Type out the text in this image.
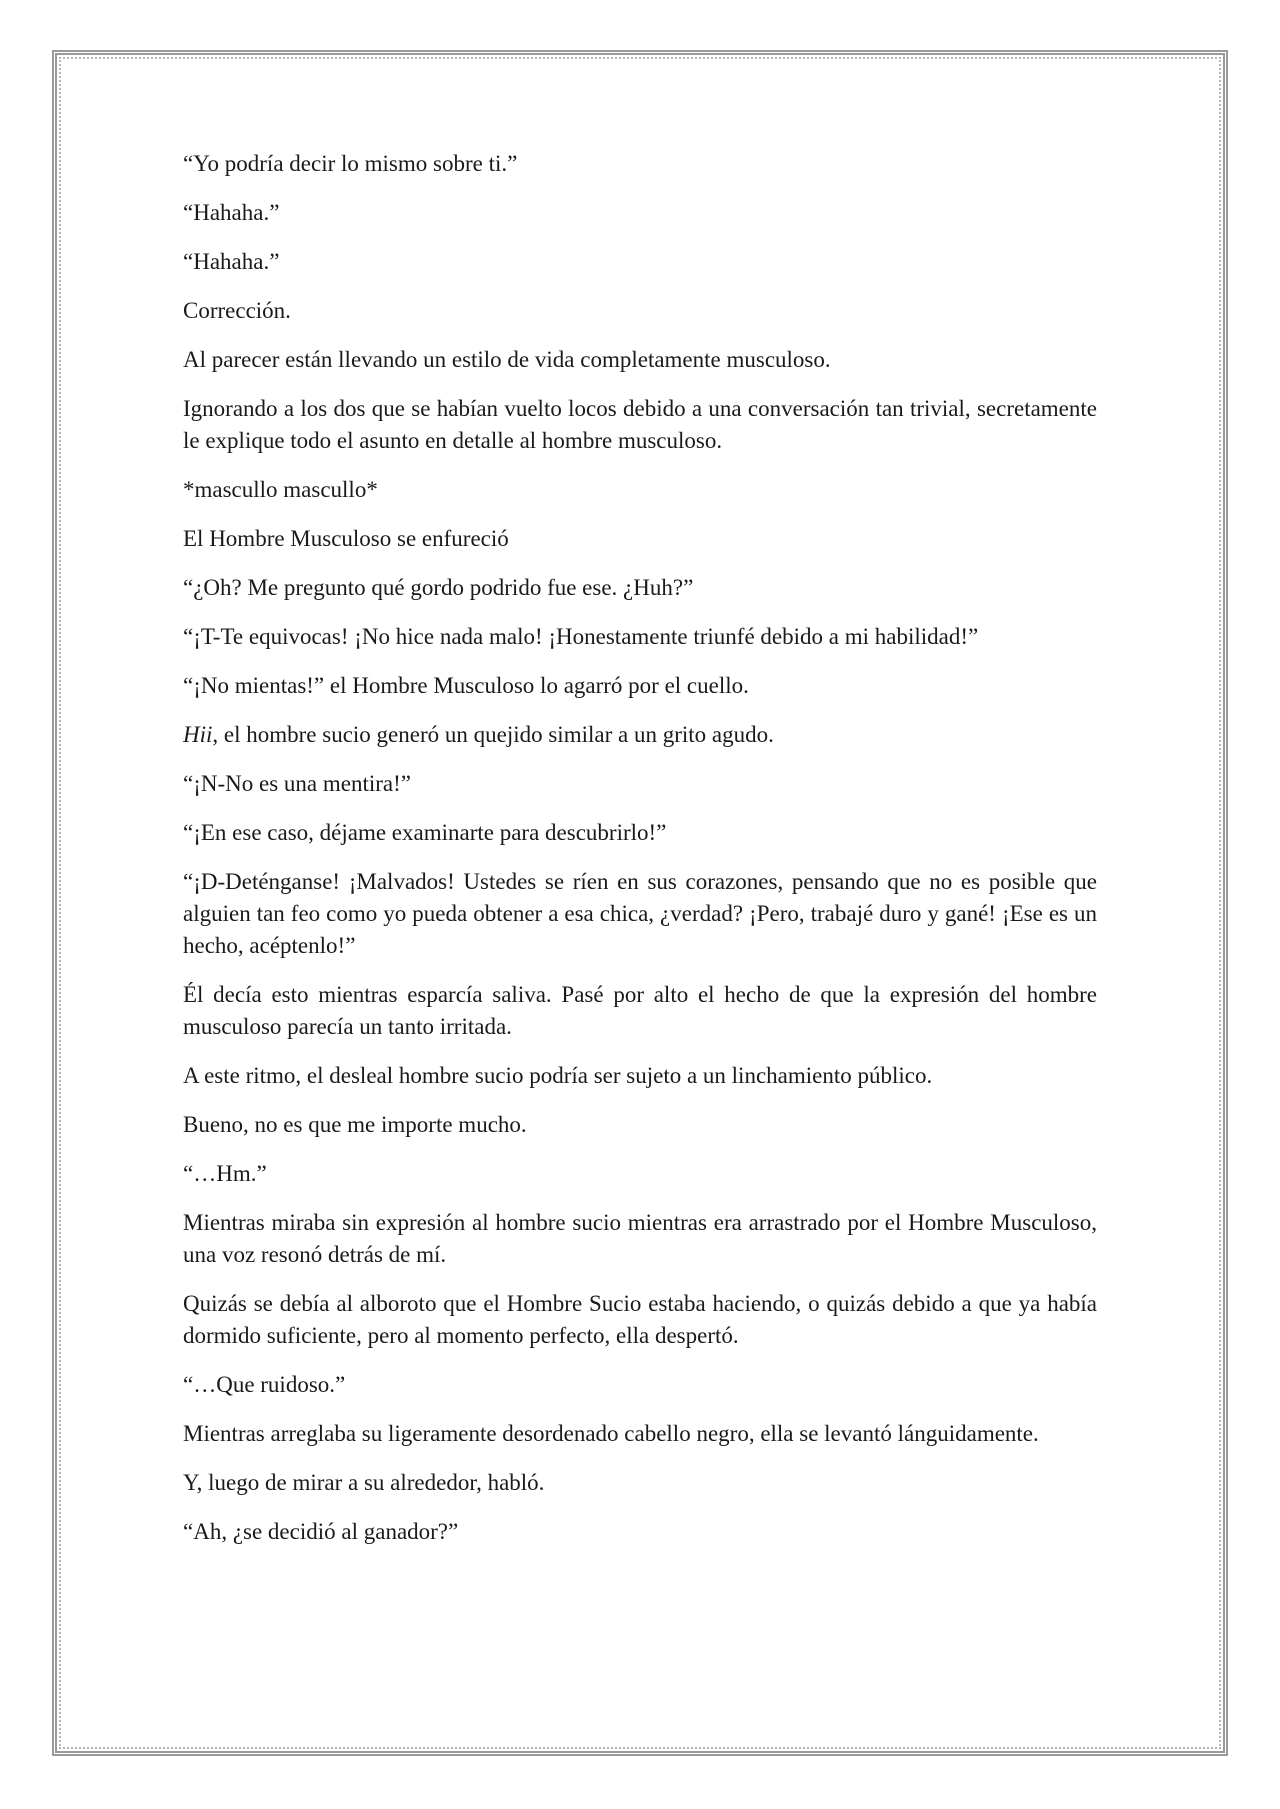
“Yo podría decir lo mismo sobre ti.”

“Hahaha.”

“Hahaha.”

Corrección.

Al parecer están llevando un estilo de vida completamente musculoso.

Ignorando a los dos que se habían vuelto locos debido a una conversación tan trivial, secretamente le explique todo el asunto en detalle al hombre musculoso.

*mascullo mascullo*

El Hombre Musculoso se enfureció

“¿Oh? Me pregunto qué gordo podrido fue ese. ¿Huh?”

“¡T-Te equivocas! ¡No hice nada malo! ¡Honestamente triunfé debido a mi habilidad!”

“¡No mientas!” el Hombre Musculoso lo agarró por el cuello.

Hii, el hombre sucio generó un quejido similar a un grito agudo.

“¡N-No es una mentira!”

“¡En ese caso, déjame examinarte para descubrirlo!”

“¡D-Deténganse! ¡Malvados! Ustedes se ríen en sus corazones, pensando que no es posible que alguien tan feo como yo pueda obtener a esa chica, ¿verdad? ¡Pero, trabajé duro y gané! ¡Ese es un hecho, acéptenlo!”

Él decía esto mientras esparcía saliva. Pasé por alto el hecho de que la expresión del hombre musculoso parecía un tanto irritada.

A este ritmo, el desleal hombre sucio podría ser sujeto a un linchamiento público.

Bueno, no es que me importe mucho.

“…Hm.”

Mientras miraba sin expresión al hombre sucio mientras era arrastrado por el Hombre Musculoso, una voz resonó detrás de mí.

Quizás se debía al alboroto que el Hombre Sucio estaba haciendo, o quizás debido a que ya había dormido suficiente, pero al momento perfecto, ella despertó.

“…Que ruidoso.”

Mientras arreglaba su ligeramente desordenado cabello negro, ella se levantó lánguidamente.

Y, luego de mirar a su alrededor, habló.

“Ah, ¿se decidió al ganador?”
